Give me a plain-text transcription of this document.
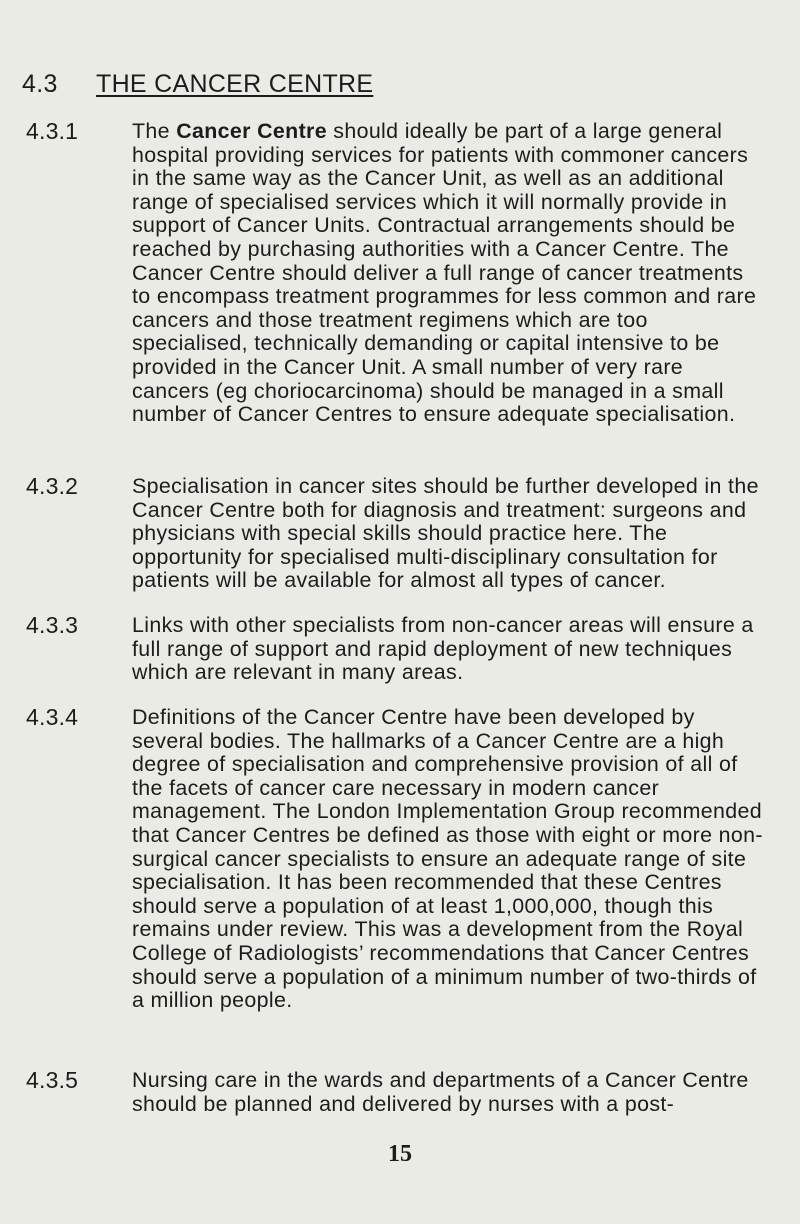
4.3 THE CANCER CENTRE
4.3.1	The Cancer Centre should ideally be part of a large general hospital providing services for patients with commoner cancers in the same way as the Cancer Unit, as well as an additional range of specialised services which it will normally provide in support of Cancer Units. Contractual arrangements should be reached by purchasing authorities with a Cancer Centre. The Cancer Centre should deliver a full range of cancer treatments to encompass treatment programmes for less common and rare cancers and those treatment regimens which are too specialised, technically demanding or capital intensive to be provided in the Cancer Unit. A small number of very rare cancers (eg choriocarcinoma) should be managed in a small number of Cancer Centres to ensure adequate specialisation.
4.3.2	Specialisation in cancer sites should be further developed in the Cancer Centre both for diagnosis and treatment: surgeons and physicians with special skills should practice here. The opportunity for specialised multi-disciplinary consultation for patients will be available for almost all types of cancer.
4.3.3	Links with other specialists from non-cancer areas will ensure a full range of support and rapid deployment of new techniques which are relevant in many areas.
4.3.4	Definitions of the Cancer Centre have been developed by several bodies. The hallmarks of a Cancer Centre are a high degree of specialisation and comprehensive provision of all of the facets of cancer care necessary in modern cancer management. The London Implementation Group recommended that Cancer Centres be defined as those with eight or more non-surgical cancer specialists to ensure an adequate range of site specialisation. It has been recommended that these Centres should serve a population of at least 1,000,000, though this remains under review. This was a development from the Royal College of Radiologists’ recommendations that Cancer Centres should serve a population of a minimum number of two-thirds of a million people.
4.3.5	Nursing care in the wards and departments of a Cancer Centre should be planned and delivered by nurses with a post-
15
